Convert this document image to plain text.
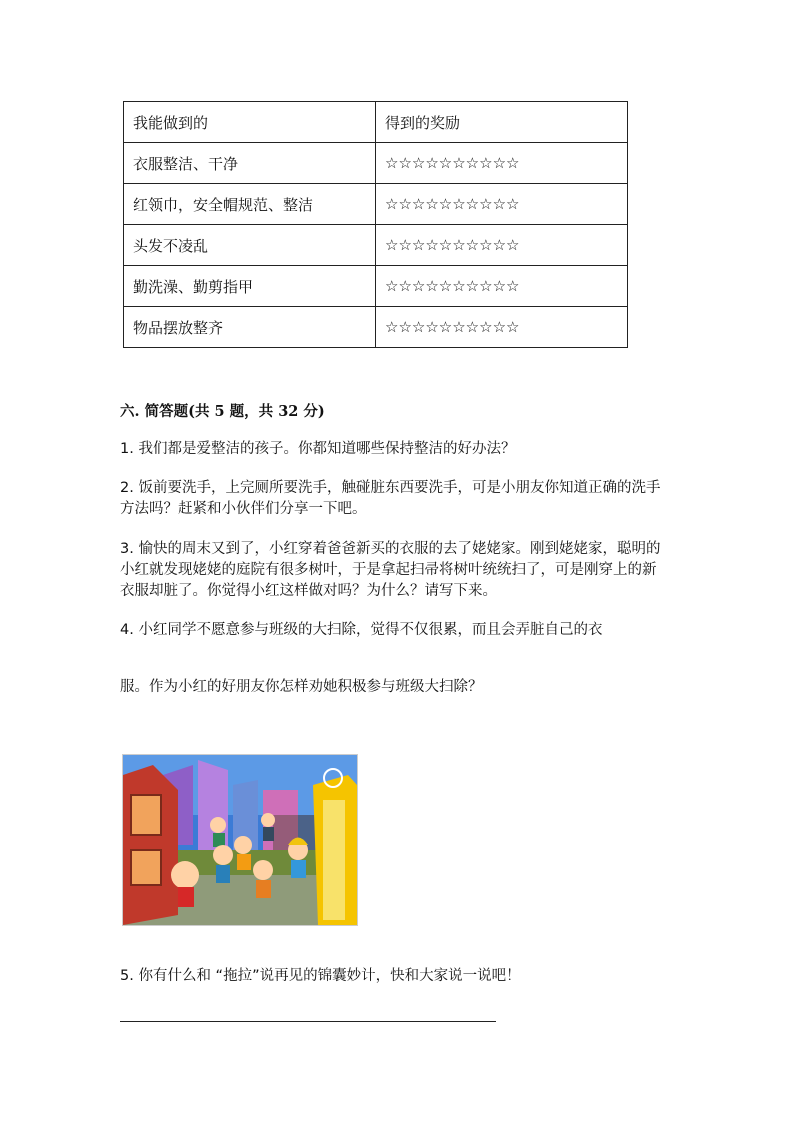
我能做到的	得到的奖励
衣服整洁、干净	☆☆☆☆☆☆☆☆☆☆
红领巾，安全帽规范、整洁	☆☆☆☆☆☆☆☆☆☆
头发不凌乱	☆☆☆☆☆☆☆☆☆☆
勤洗澡、勤剪指甲	☆☆☆☆☆☆☆☆☆☆
物品摆放整齐	☆☆☆☆☆☆☆☆☆☆
六. 简答题(共 5 题，共 32 分)
1. 我们都是爱整洁的孩子。你都知道哪些保持整洁的好办法？
2. 饭前要洗手，上完厕所要洗手，触碰脏东西要洗手，可是小朋友你知道正确的洗手方法吗？赶紧和小伙伴们分享一下吧。
3. 愉快的周末又到了，小红穿着爸爸新买的衣服的去了姥姥家。刚到姥姥家，聪明的小红就发现姥姥的庭院有很多树叶，于是拿起扫帚将树叶统统扫了，可是刚穿上的新衣服却脏了。你觉得小红这样做对吗？为什么？请写下来。
4. 小红同学不愿意参与班级的大扫除，觉得不仅很累，而且会弄脏自己的衣
服。作为小红的好朋友你怎样劝她积极参与班级大扫除？
5. 你有什么和 “拖拉”说再见的锦囊妙计，快和大家说一说吧！
